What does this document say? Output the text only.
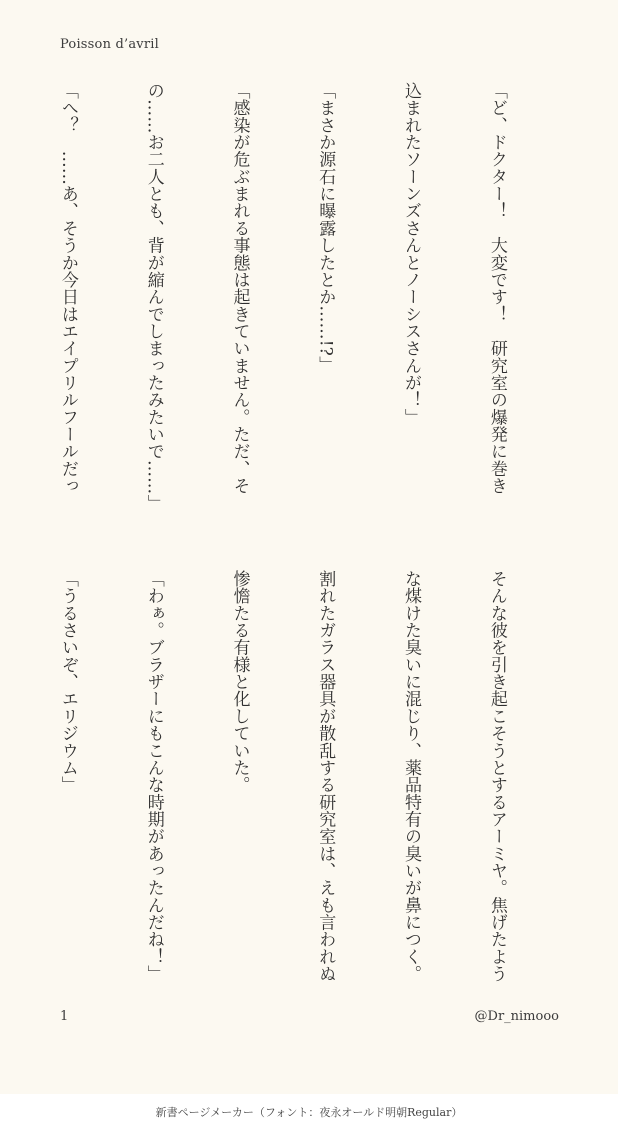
Poisson d’avril

「ど、ドクター！　大変です！　研究室の爆発に巻き

込まれたソーンズさんとノーシスさんが！」

「まさか源石に曝露したとか……!?」

「感染が危ぶまれる事態は起きていません。ただ、そ

の……お二人とも、背が縮んでしまったみたいで……」

「へ？　……あ、そうか今日はエイプリルフールだっ

そんな彼を引き起こそうとするアーミヤ。焦げたよう

な煤けた臭いに混じり、薬品特有の臭いが鼻につく。

割れたガラス器具が散乱する研究室は、えも言われぬ

惨憺たる有様と化していた。

「わぁ。ブラザーにもこんな時期があったんだね！」

「うるさいぞ、エリジウム」

1	@Dr_nimooo
新書ページメーカー（フォント：夜永オールド明朝Regular）
